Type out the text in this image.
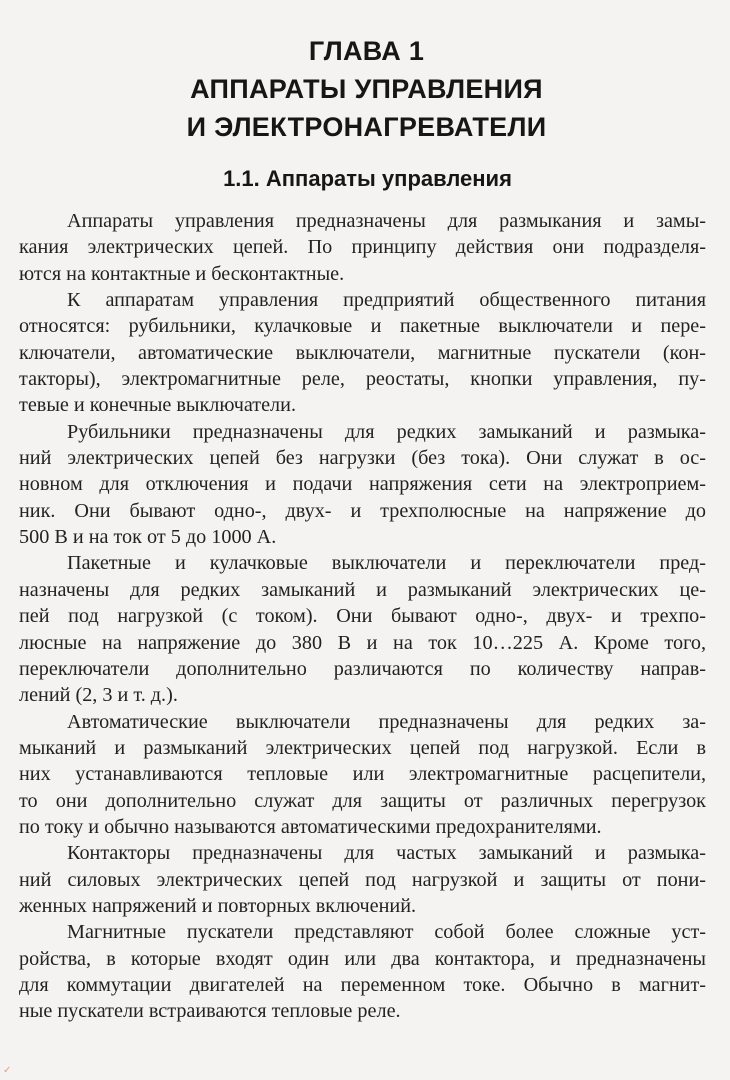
ГЛАВА 1
АППАРАТЫ УПРАВЛЕНИЯ
И ЭЛЕКТРОНАГРЕВАТЕЛИ
1.1. Аппараты управления

Аппараты управления предназначены для размыкания и замы-
кания электрических цепей. По принципу действия они подразделя-
ются на контактные и бесконтактные.

К аппаратам управления предприятий общественного питания
относятся: рубильники, кулачковые и пакетные выключатели и пере-
ключатели, автоматические выключатели, магнитные пускатели (кон-
такторы), электромагнитные реле, реостаты, кнопки управления, пу-
тевые и конечные выключатели.

Рубильники предназначены для редких замыканий и размыка-
ний электрических цепей без нагрузки (без тока). Они служат в ос-
новном для отключения и подачи напряжения сети на электроприем-
ник. Они бывают одно-, двух- и трехполюсные на напряжение до
500 В и на ток от 5 до 1000 А.

Пакетные и кулачковые выключатели и переключатели пред-
назначены для редких замыканий и размыканий электрических це-
пей под нагрузкой (с током). Они бывают одно-, двух- и трехпо-
люсные на напряжение до 380 В и на ток 10…225 А. Кроме того,
переключатели дополнительно различаются по количеству направ-
лений (2, 3 и т. д.).

Автоматические выключатели предназначены для редких за-
мыканий и размыканий электрических цепей под нагрузкой. Если в
них устанавливаются тепловые или электромагнитные расцепители,
то они дополнительно служат для защиты от различных перегрузок
по току и обычно называются автоматическими предохранителями.

Контакторы предназначены для частых замыканий и размыка-
ний силовых электрических цепей под нагрузкой и защиты от пони-
женных напряжений и повторных включений.

Магнитные пускатели представляют собой более сложные уст-
ройства, в которые входят один или два контактора, и предназначены
для коммутации двигателей на переменном токе. Обычно в магнит-
ные пускатели встраиваются тепловые реле.

✓
